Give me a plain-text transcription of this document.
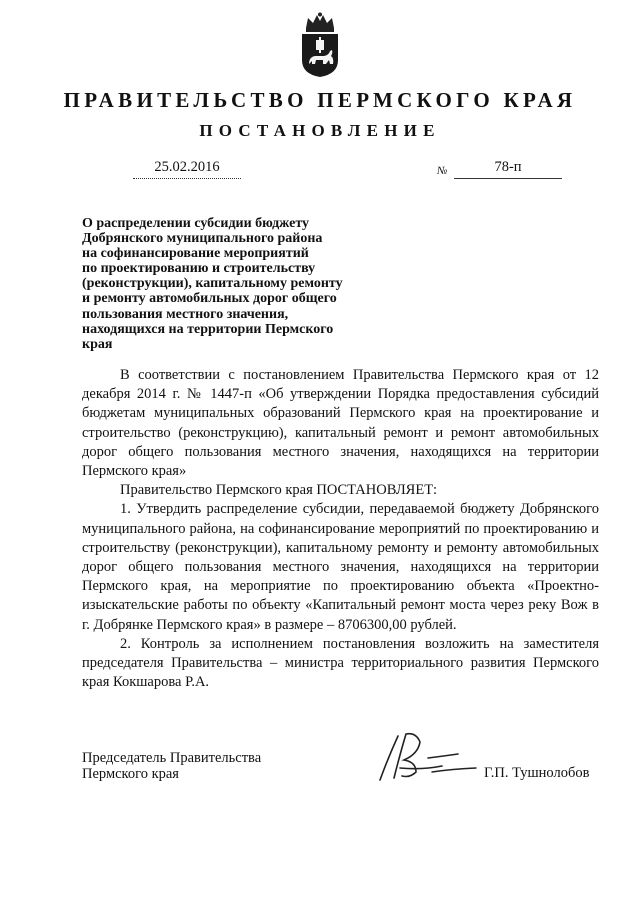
ПРАВИТЕЛЬСТВО ПЕРМСКОГО КРАЯ
ПОСТАНОВЛЕНИЕ
25.02.2016	№	78-п
О распределении субсидии бюджету
Добрянского муниципального района
на софинансирование мероприятий
по проектированию и строительству
(реконструкции), капитальному ремонту
и ремонту автомобильных дорог общего
пользования местного значения,
находящихся на территории Пермского
края

В соответствии с постановлением Правительства Пермского края от 12 декабря 2014 г. № 1447-п «Об утверждении Порядка предоставления субсидий бюджетам муниципальных образований Пермского края на проектирование и строительство (реконструкцию), капитальный ремонт и ремонт автомобильных дорог общего пользования местного значения, находящихся на территории Пермского края»

Правительство Пермского края ПОСТАНОВЛЯЕТ:

1. Утвердить распределение субсидии, передаваемой бюджету Добрянского муниципального района, на софинансирование мероприятий по проектированию и строительству (реконструкции), капитальному ремонту и ремонту автомобильных дорог общего пользования местного значения, находящихся на территории Пермского края, на мероприятие по проектированию объекта «Проектно-изыскательские работы по объекту «Капитальный ремонт моста через реку Вож в г. Добрянке Пермского края» в размере – 8706300,00 рублей.

2. Контроль за исполнением постановления возложить на заместителя председателя Правительства – министра территориального развития Пермского края Кокшарова Р.А.

Председатель Правительства
Пермского края	Г.П. Тушнолобов
